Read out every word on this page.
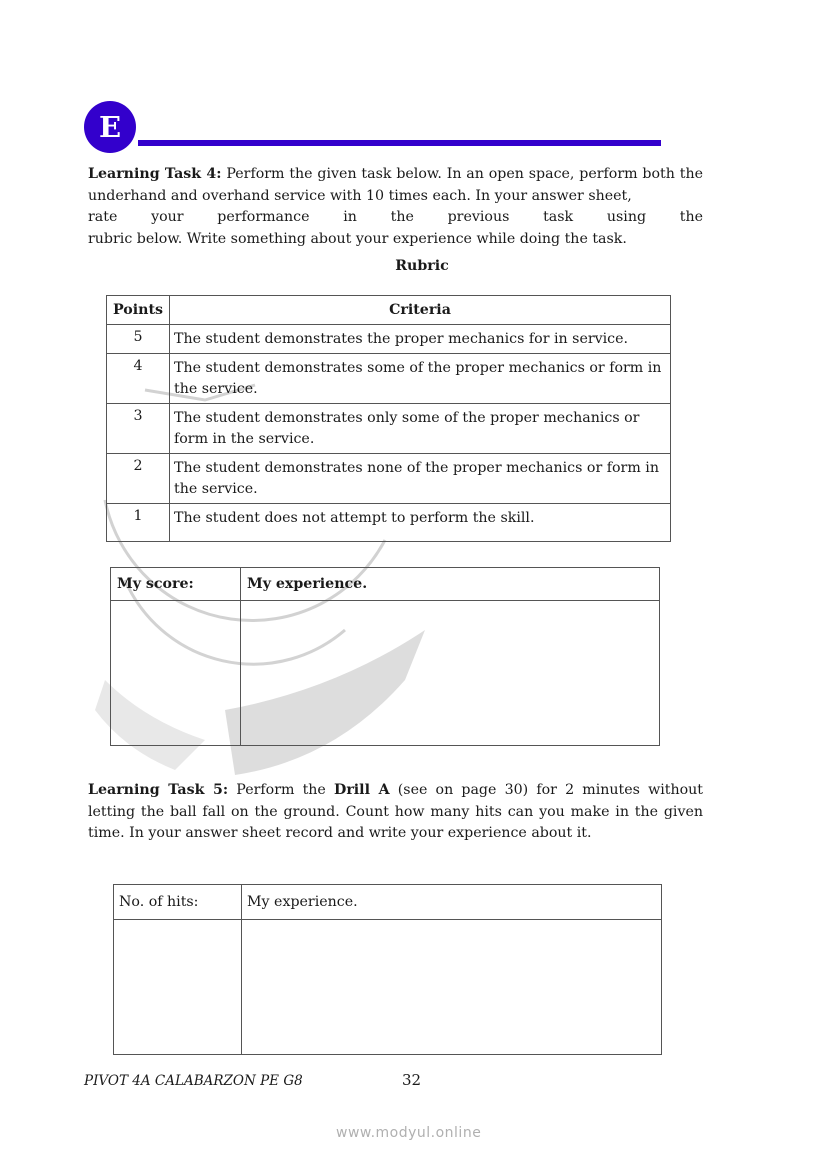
E
Learning Task 4: Perform the given task below. In an open space, perform both the underhand and overhand service with 10 times each. In your answer sheet,
rate your performance in the previous task using the
rubric below. Write something about your experience while doing the task.
Rubric
Points	Criteria
5	The student demonstrates the proper mechanics for in service.
4	The student demonstrates some of the proper mechanics or form in the service.
3	The student demonstrates only some of the proper mechanics or form in the service.
2	The student demonstrates none of the proper mechanics or form in the service.
1	The student does not attempt to perform the skill.
My score:	My experience.

Learning Task 5: Perform the Drill A (see on page 30) for 2 minutes without letting the ball fall on the ground. Count how many hits can you make in the given time. In your answer sheet record and write your experience about it.
No. of hits:	My experience.

PIVOT 4A CALABARZON PE G8	32
www.modyul.online
